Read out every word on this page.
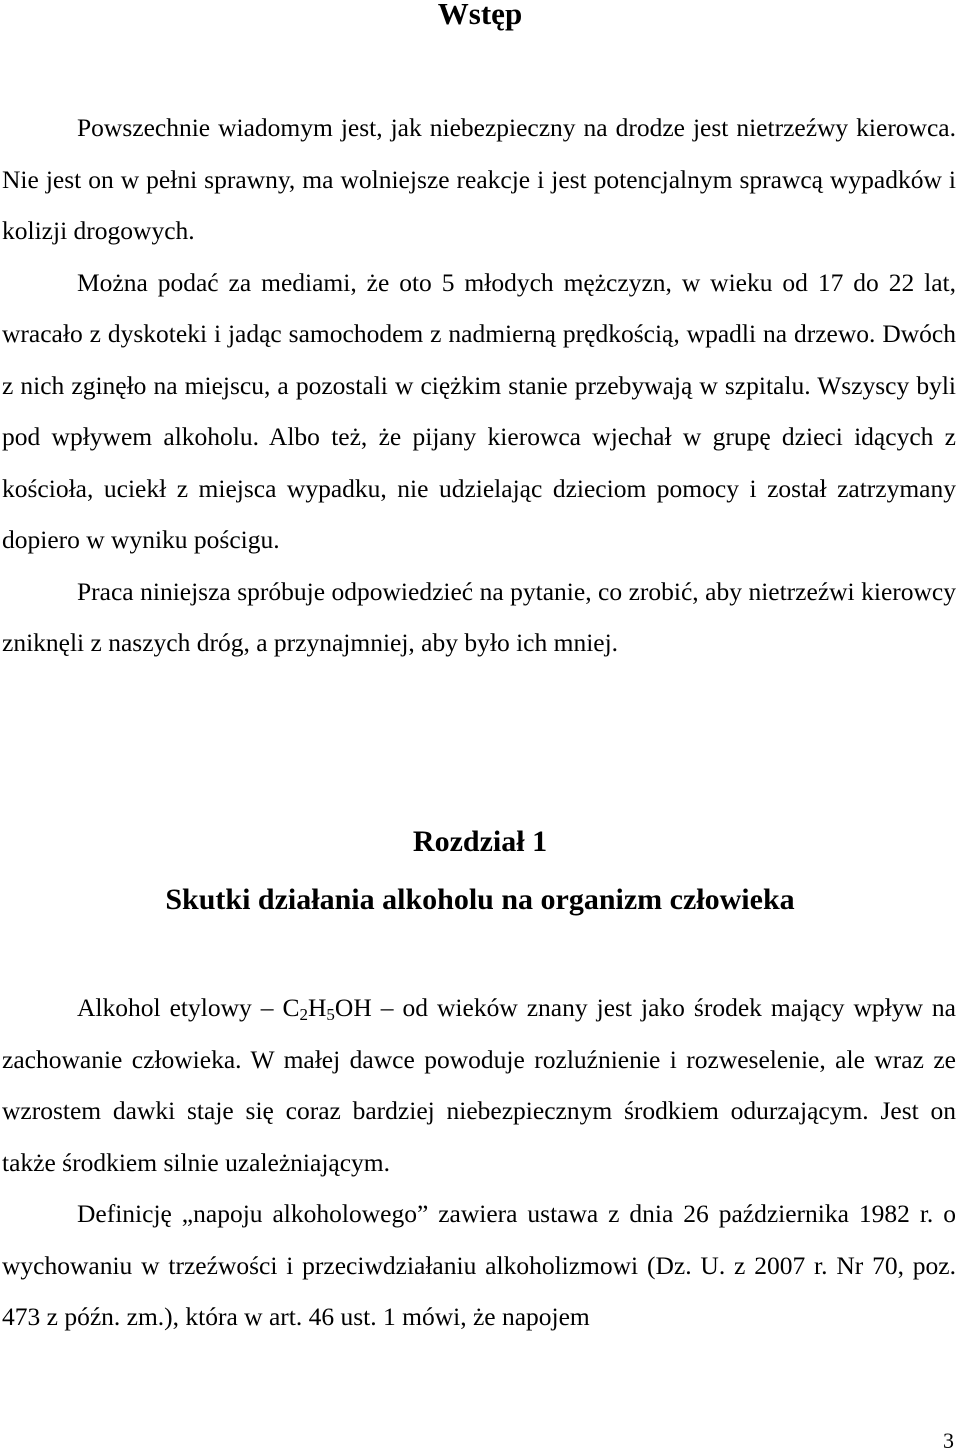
Wstęp

Powszechnie wiadomym jest, jak niebezpieczny na drodze jest nietrzeźwy kierowca. Nie jest on w pełni sprawny, ma wolniejsze reakcje i jest potencjalnym sprawcą wypadków i kolizji drogowych.

Można podać za mediami, że oto 5 młodych mężczyzn, w wieku od 17 do 22 lat, wracało z dyskoteki i jadąc samochodem z nadmierną prędkością, wpadli na drzewo. Dwóch z nich zginęło na miejscu, a pozostali w ciężkim stanie przebywają w szpitalu. Wszyscy byli pod wpływem alkoholu. Albo też, że pijany kierowca wjechał w grupę dzieci idących z kościoła, uciekł z miejsca wypadku, nie udzielając dzieciom pomocy i został zatrzymany dopiero w wyniku pościgu.

Praca niniejsza spróbuje odpowiedzieć na pytanie, co zrobić, aby nietrzeźwi kierowcy zniknęli z naszych dróg, a przynajmniej, aby było ich mniej.

Rozdział 1
Skutki działania alkoholu na organizm człowieka

Alkohol etylowy – $C_2H_5OH$ – od wieków znany jest jako środek mający wpływ na zachowanie człowieka. W małej dawce powoduje rozluźnienie i rozweselenie, ale wraz ze wzrostem dawki staje się coraz bardziej niebezpiecznym środkiem odurzającym. Jest on także środkiem silnie uzależniającym.

Definicję „napoju alkoholowego” zawiera ustawa z dnia 26 października 1982 r. o wychowaniu w trzeźwości i przeciwdziałaniu alkoholizmowi (Dz. U. z 2007 r. Nr 70, poz. 473 z późn. zm.), która w art. 46 ust. 1 mówi, że napojem

3
